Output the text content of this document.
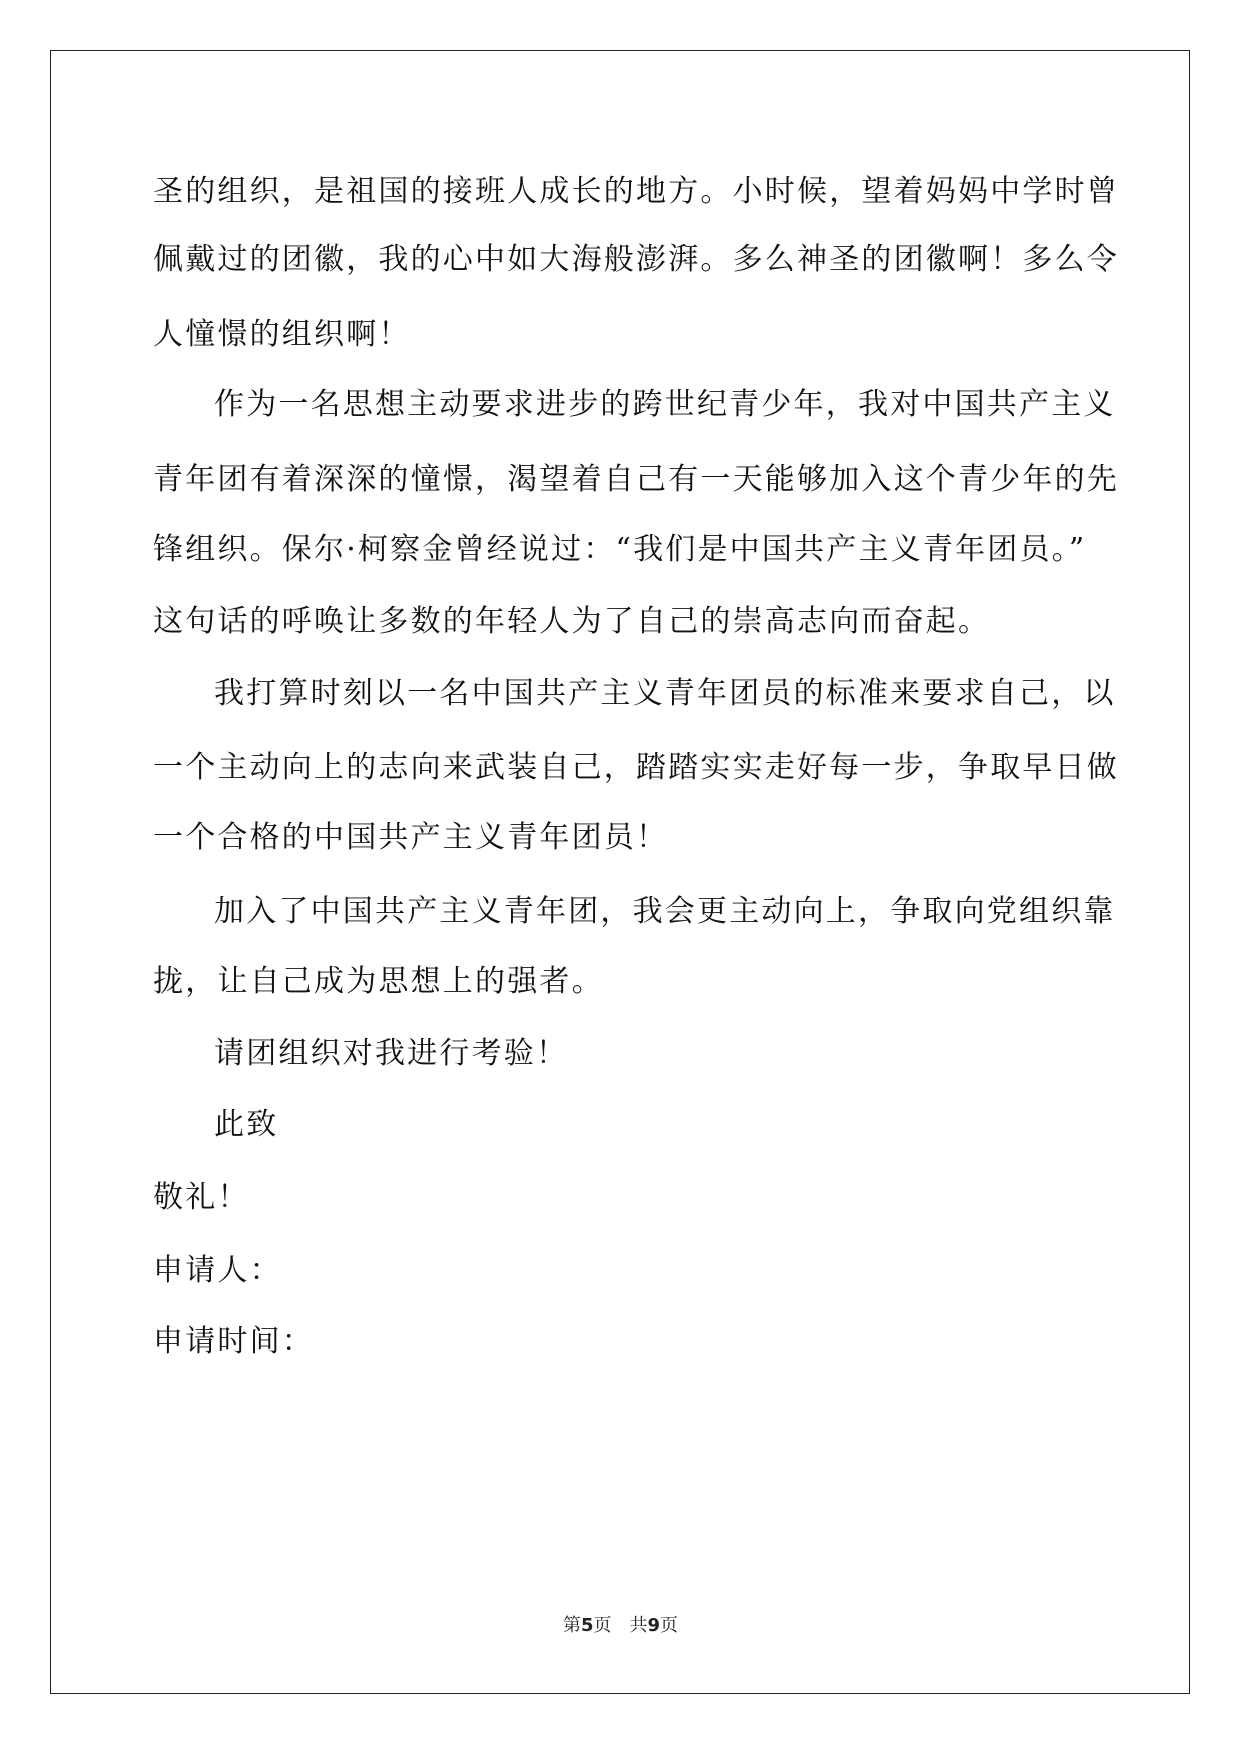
圣的组织，是祖国的接班人成长的地方。小时候，望着妈妈中学时曾
佩戴过的团徽，我的心中如大海般澎湃。多么神圣的团徽啊！多么令
人憧憬的组织啊！
作为一名思想主动要求进步的跨世纪青少年，我对中国共产主义
青年团有着深深的憧憬，渴望着自己有一天能够加入这个青少年的先
锋组织。保尔·柯察金曾经说过：“我们是中国共产主义青年团员。”
这句话的呼唤让多数的年轻人为了自己的崇高志向而奋起。
我打算时刻以一名中国共产主义青年团员的标准来要求自己，以
一个主动向上的志向来武装自己，踏踏实实走好每一步，争取早日做
一个合格的中国共产主义青年团员！
加入了中国共产主义青年团，我会更主动向上，争取向党组织靠
拢，让自己成为思想上的强者。
请团组织对我进行考验！
此致
敬礼！
申请人：
申请时间：
第5页　共9页
